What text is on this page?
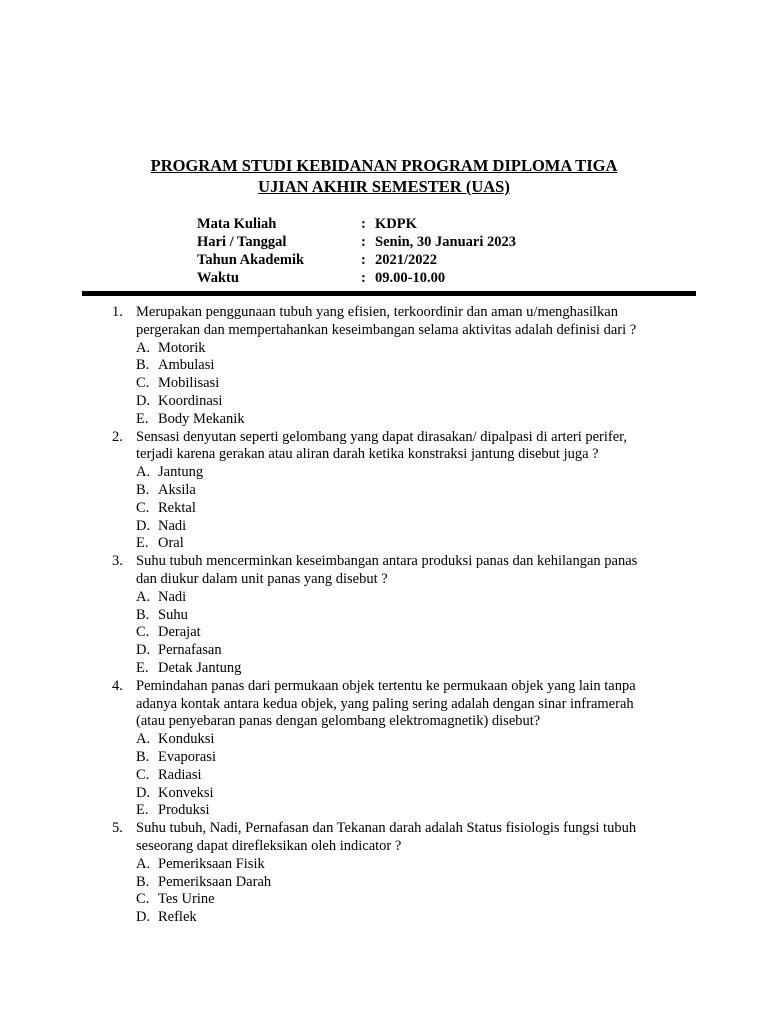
PROGRAM STUDI KEBIDANAN PROGRAM DIPLOMA TIGA
UJIAN AKHIR SEMESTER (UAS)
Mata Kuliah	: KDPK
Hari / Tanggal	: Senin, 30 Januari 2023
Tahun Akademik	: 2021/2022
Waktu	: 09.00-10.00
1. Merupakan penggunaan tubuh yang efisien, terkoordinir dan aman u/menghasilkan
pergerakan dan mempertahankan keseimbangan selama aktivitas adalah definisi dari ?
A. Motorik
B. Ambulasi
C. Mobilisasi
D. Koordinasi
E. Body Mekanik
2. Sensasi denyutan seperti gelombang yang dapat dirasakan/ dipalpasi di arteri perifer,
terjadi karena gerakan atau aliran darah ketika konstraksi jantung disebut juga ?
A. Jantung
B. Aksila
C. Rektal
D. Nadi
E. Oral
3. Suhu tubuh mencerminkan keseimbangan antara produksi panas dan kehilangan panas
dan diukur dalam unit panas yang disebut ?
A. Nadi
B. Suhu
C. Derajat
D. Pernafasan
E. Detak Jantung
4. Pemindahan panas dari permukaan objek tertentu ke permukaan objek yang lain tanpa
adanya kontak antara kedua objek, yang paling sering adalah dengan sinar inframerah
(atau penyebaran panas dengan gelombang elektromagnetik) disebut?
A. Konduksi
B. Evaporasi
C. Radiasi
D. Konveksi
E. Produksi
5. Suhu tubuh, Nadi, Pernafasan dan Tekanan darah adalah Status fisiologis fungsi tubuh
seseorang dapat direfleksikan oleh indicator ?
A. Pemeriksaan Fisik
B. Pemeriksaan Darah
C. Tes Urine
D. Reflek
